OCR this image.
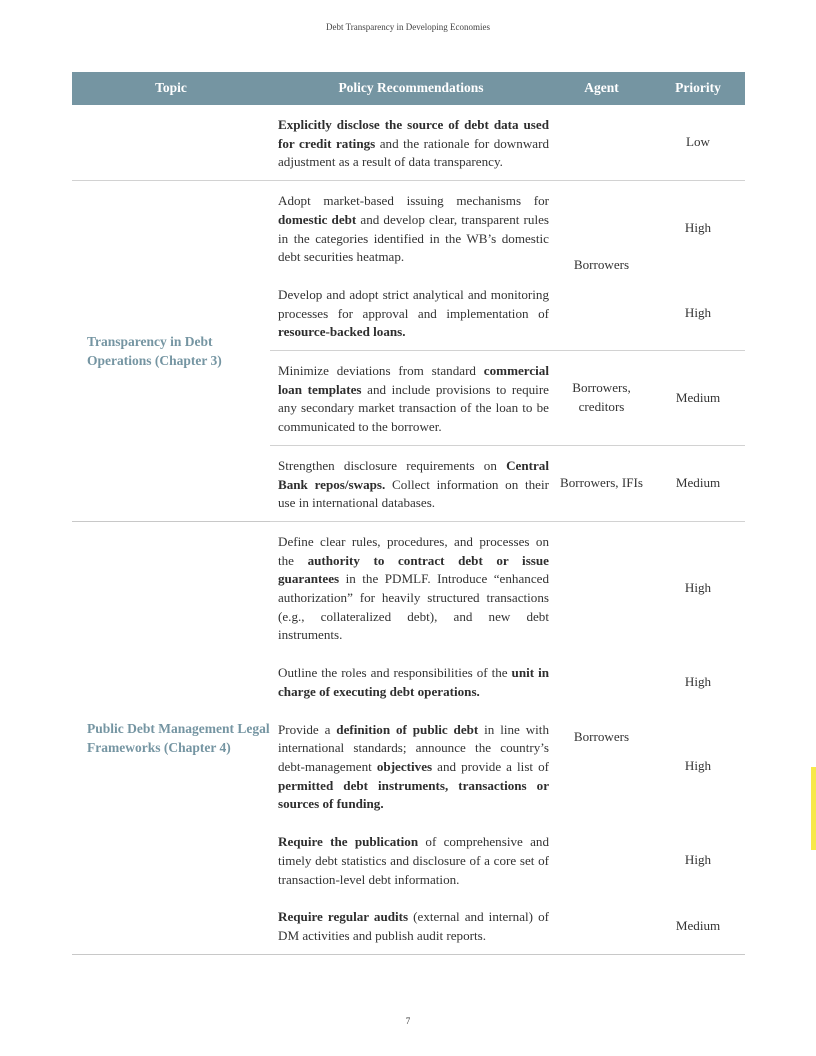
Debt Transparency in Developing Economies
Topic	Policy Recommendations	Agent	Priority
	Explicitly disclose the source of debt data used for credit ratings and the rationale for downward adjustment as a result of data transparency.		Low
Transparency in Debt Operations (Chapter 3)	Adopt market-based issuing mechanisms for domestic debt and develop clear, transparent rules in the categories identified in the WB’s domestic debt securities heatmap.	Borrowers	High
	Develop and adopt strict analytical and monitoring processes for approval and implementation of resource-backed loans.		High
	Minimize deviations from standard commercial loan templates and include provisions to require any secondary market transaction of the loan to be communicated to the borrower.	Borrowers, creditors	Medium
	Strengthen disclosure requirements on Central Bank repos/swaps. Collect information on their use in international databases.	Borrowers, IFIs	Medium
Public Debt Management Legal Frameworks (Chapter 4)	Define clear rules, procedures, and processes on the authority to contract debt or issue guarantees in the PDMLF. Introduce “enhanced authorization” for heavily structured transactions (e.g., collateralized debt), and new debt instruments.	Borrowers	High
	Outline the roles and responsibilities of the unit in charge of executing debt operations.		High
	Provide a definition of public debt in line with international standards; announce the country’s debt-management objectives and provide a list of permitted debt instruments, transactions or sources of funding.		High
	Require the publication of comprehensive and timely debt statistics and disclosure of a core set of transaction-level debt information.		High
	Require regular audits (external and internal) of DM activities and publish audit reports.		Medium
7
